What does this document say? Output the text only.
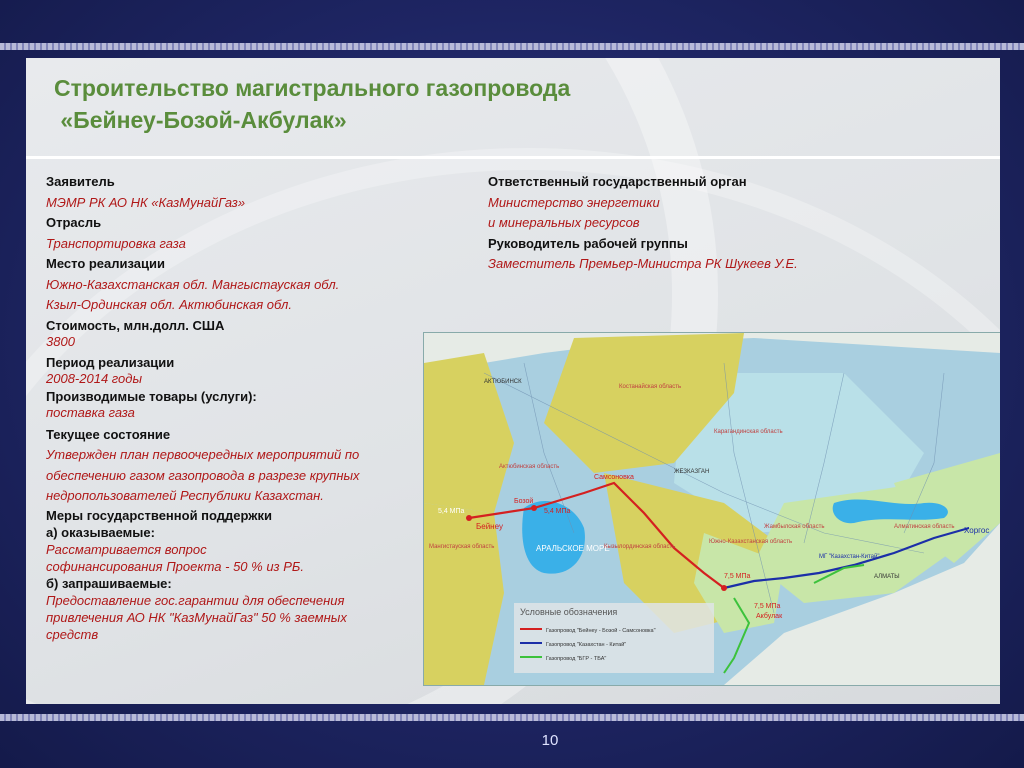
Строительство магистрального газопровода
«Бейнеу-Бозой-Акбулак»
Заявитель
МЭМР РК АО НК «КазМунайГаз»
Отрасль
Транспортировка газа
Место реализации
Южно-Казахстанская обл. Мангыстауская обл.
Кзыл-Ординская обл. Актюбинская обл.
Стоимость, млн.долл. США
3800
Период реализации
2008-2014 годы
Производимые товары (услуги):
поставка газа
Текущее состояние
Утвержден план первоочередных мероприятий по
обеспечению газом газопровода в разрезе крупных
недропользователей Республики Казахстан.
Меры государственной поддержки
а) оказываемые:
Рассматривается вопрос
софинансирования Проекта - 50 % из РБ.
б) запрашиваемые:
Предоставление гос.гарантии для обеспечения
привлечения АО НК "КазМунайГаз" 50 % заемных
средств
Ответственный государственный орган
Министерство энергетики
и минеральных ресурсов
Руководитель рабочей группы
Заместитель Премьер-Министра РК Шукеев У.Е.
АРАЛЬСКОЕ МОРЕ
Бейнеу
5,4 МПа
Бозой
5,4 МПа
Самсоновка
Хоргос
7,5 МПа
7,5 МПа
Акбулак
МГ "Казахстан-Китай"
Костанайская область
Карагандинская область
Актюбинская область
Кызылординская область
Жамбылская область	Алматинская область
Южно-Казахстанская область
Мангистауская область
АКТЮБИНСК
ЖЕЗКАЗГАН
АЛМАТЫ
Условные обозначения
Газопровод "Бейнеу - Бозой - Самсоновка"
Газопровод "Казахстан - Китай"
Газопровод "БГР - ТБА"
10
